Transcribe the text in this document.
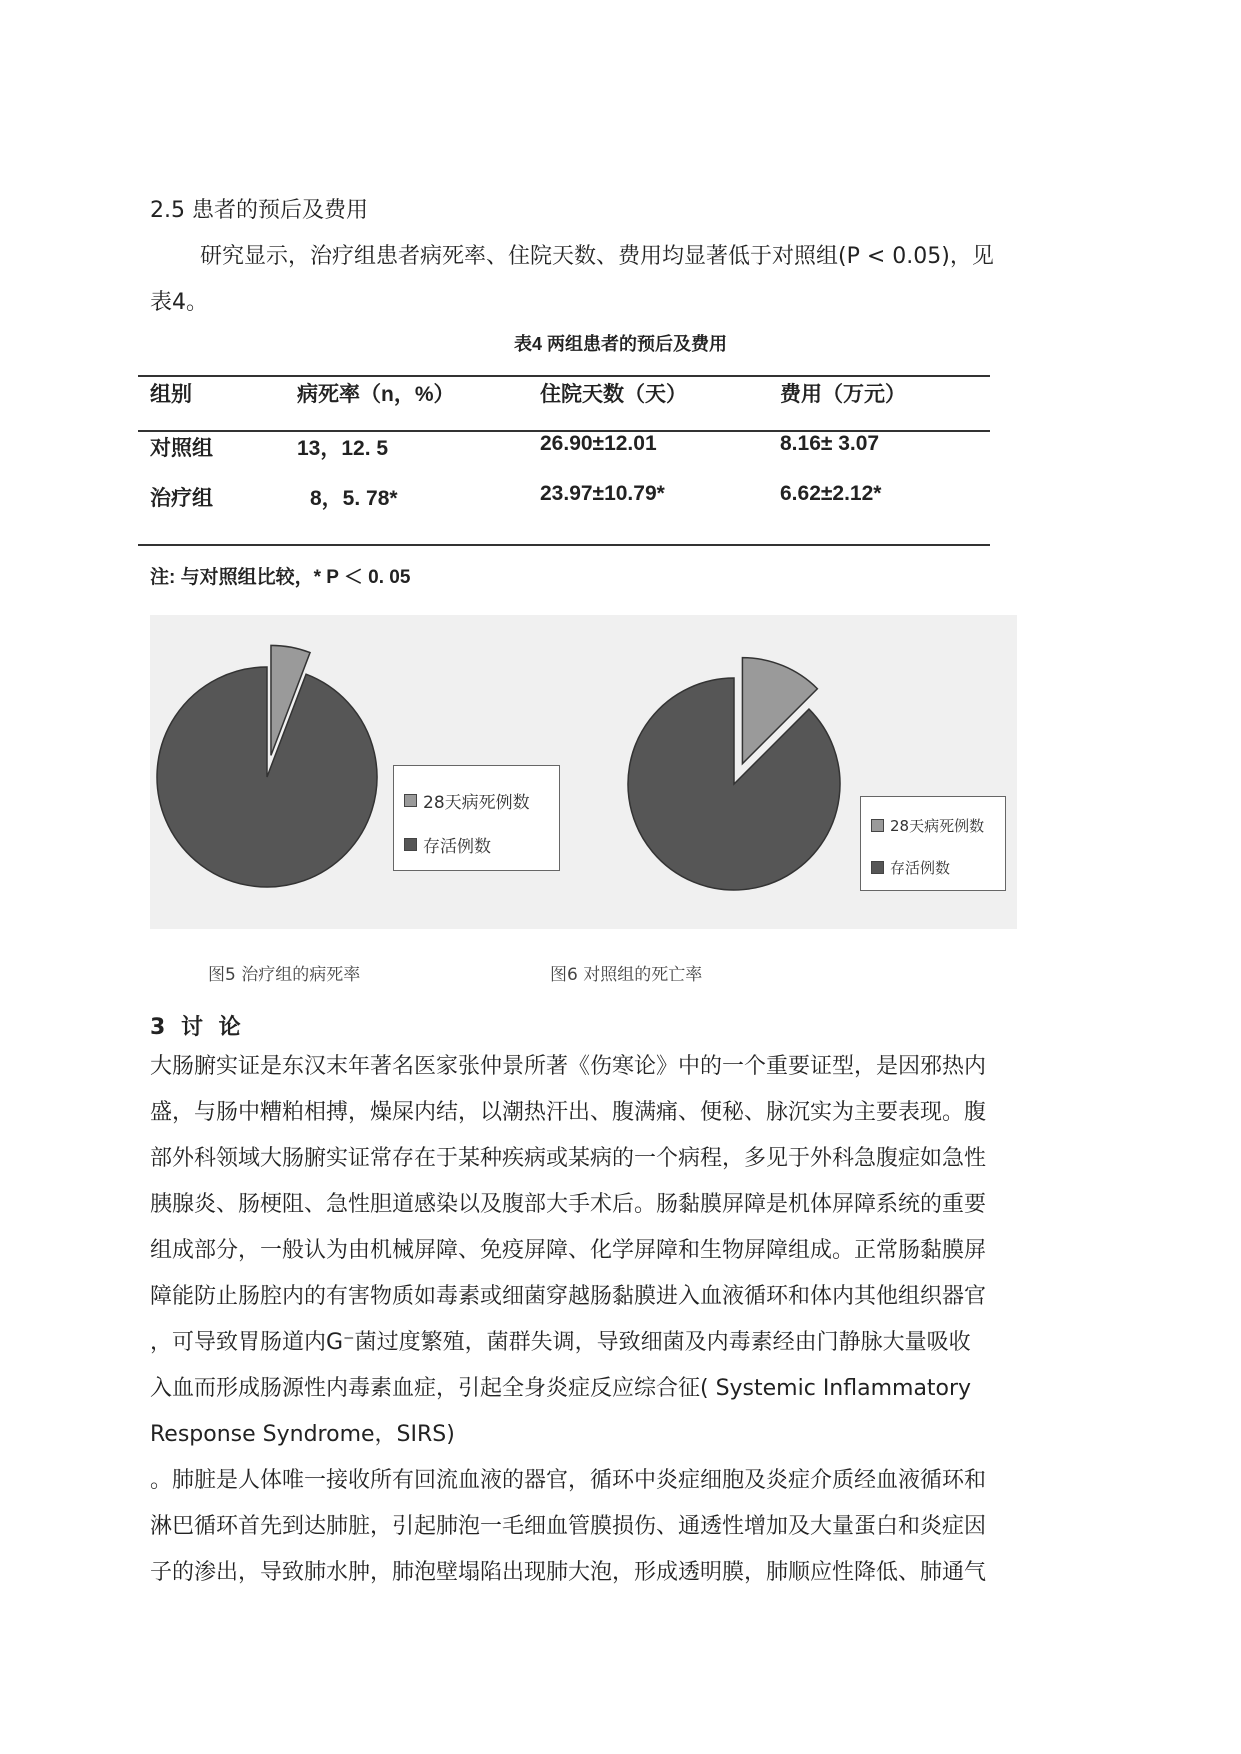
2.5 患者的预后及费用
研究显示，治疗组患者病死率、住院天数、费用均显著低于对照组(P < 0.05)，见
表4。
表4 两组患者的预后及费用
组别	病死率（n，%）	住院天数（天）	费用（万元）
对照组	13，12. 5	26.90±12.01	8.16± 3.07
治疗组	8，5. 78*	23.97±10.79*	6.62±2.12*
注: 与对照组比较，* P ＜ 0. 05
28天病死例数
存活例数
28天病死例数
存活例数
图5 治疗组的病死率	图6 对照组的死亡率
3 讨 论
大肠腑实证是东汉末年著名医家张仲景所著《伤寒论》中的一个重要证型，是因邪热内
盛，与肠中糟粕相搏，燥屎内结，以潮热汗出、腹满痛、便秘、脉沉实为主要表现。腹
部外科领域大肠腑实证常存在于某种疾病或某病的一个病程，多见于外科急腹症如急性
胰腺炎、肠梗阻、急性胆道感染以及腹部大手术后。肠黏膜屏障是机体屏障系统的重要
组成部分，一般认为由机械屏障、免疫屏障、化学屏障和生物屏障组成。正常肠黏膜屏
障能防止肠腔内的有害物质如毒素或细菌穿越肠黏膜进入血液循环和体内其他组织器官
，可导致胃肠道内G⁻菌过度繁殖，菌群失调，导致细菌及内毒素经由门静脉大量吸收
入血而形成肠源性内毒素血症，引起全身炎症反应综合征( Systemic Inflammatory
Response Syndrome，SIRS)
。肺脏是人体唯一接收所有回流血液的器官，循环中炎症细胞及炎症介质经血液循环和
淋巴循环首先到达肺脏，引起肺泡一毛细血管膜损伤、通透性增加及大量蛋白和炎症因
子的渗出，导致肺水肿，肺泡壁塌陷出现肺大泡，形成透明膜，肺顺应性降低、肺通气
